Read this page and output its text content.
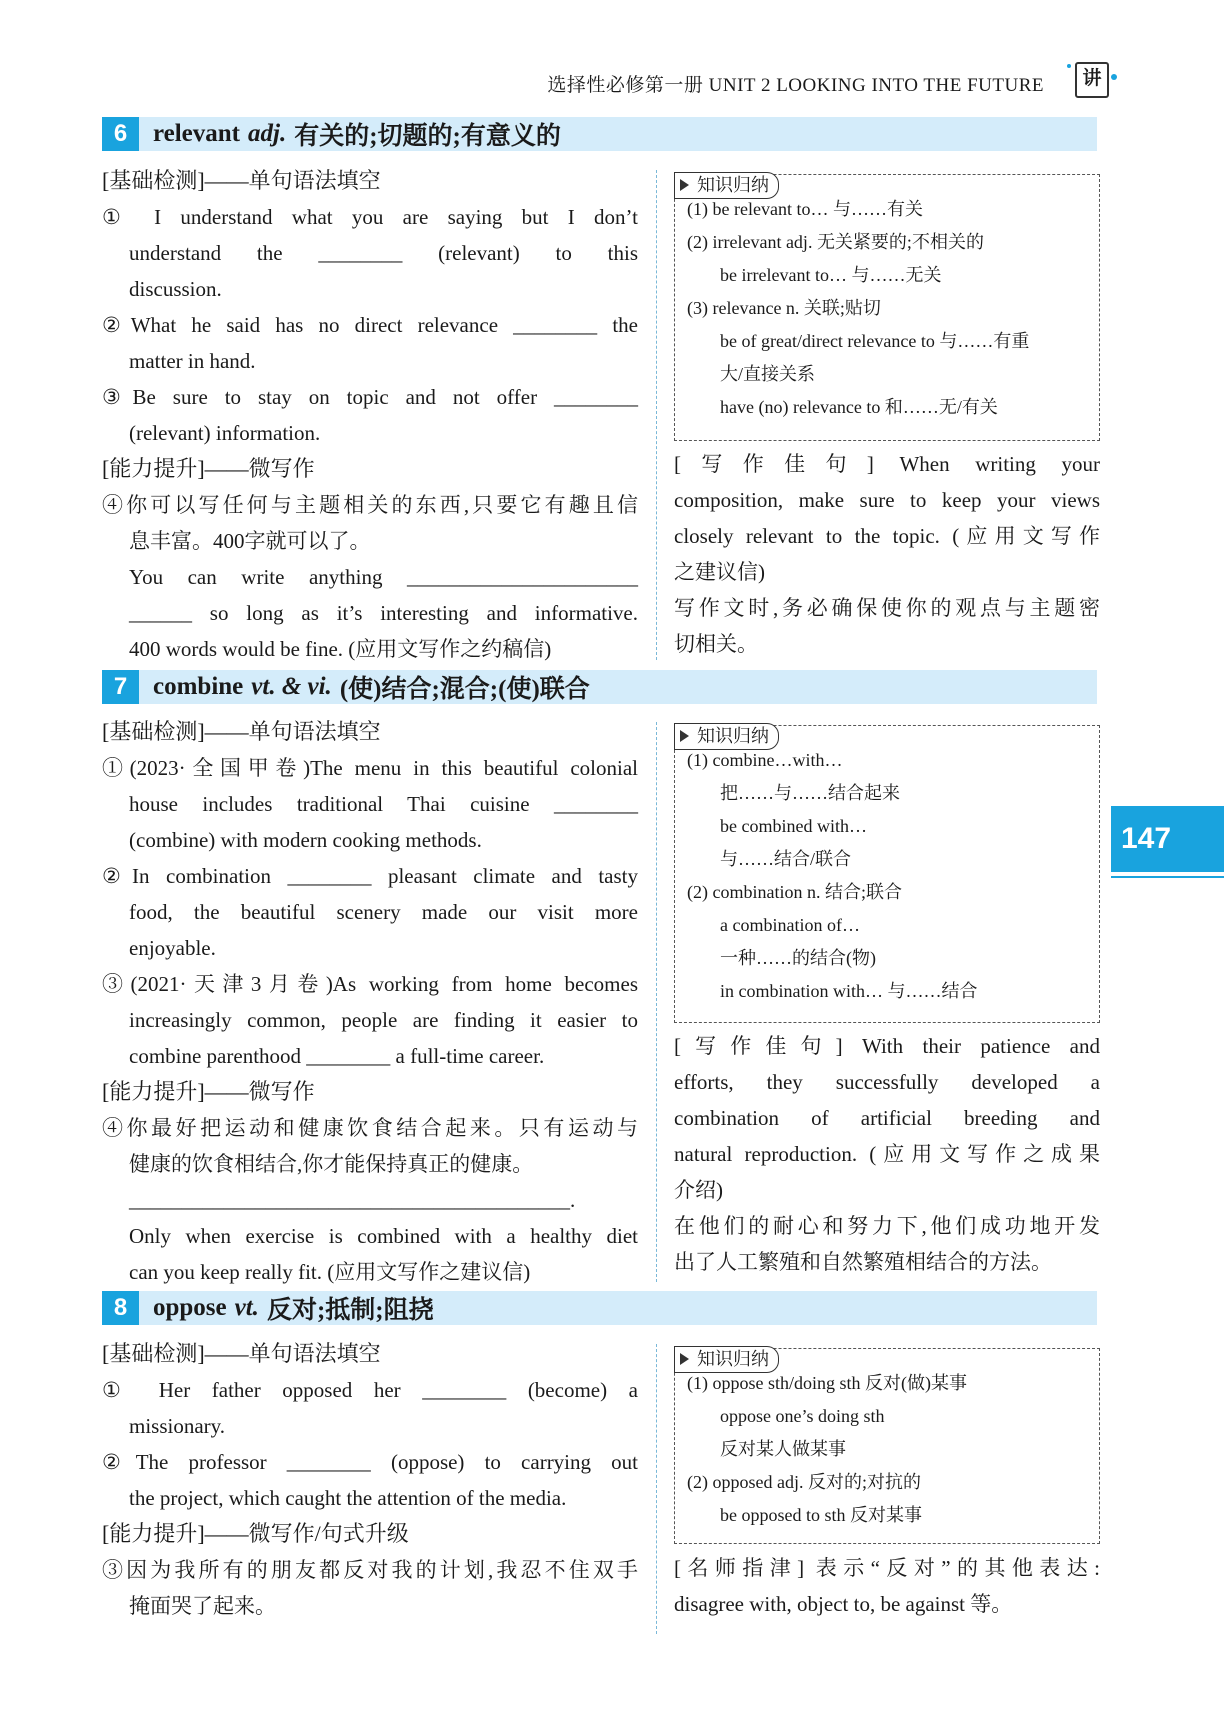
选择性必修第一册 UNIT 2 LOOKING INTO THE FUTURE	讲
147
6	relevant adj. 有关的;切题的;有意义的

[基础检测]——单句语法填空

① I understand what you are saying but I don’t

understand the ________ (relevant) to this

discussion.

②What he said has no direct relevance ________ the

matter in hand.

③Be sure to stay on topic and not offer ________

(relevant) information.

[能力提升]——微写作

④你可以写任何与主题相关的东西,只要它有趣且信

息丰富。400字就可以了。

You can write anything ______________________

______ so long as it’s interesting and informative.

400 words would be fine. (应用文写作之约稿信)

(1) be relevant to… 与……有关

(2) irrelevant adj. 无关紧要的;不相关的

be irrelevant to… 与……无关

(3) relevance n. 关联;贴切

be of great/direct relevance to 与……有重

大/直接关系

have (no) relevance to 和……无/有关

知识归纳

[写作佳句] When writing your

composition, make sure to keep your views

closely relevant to the topic. (应用文写作

之建议信)

写作文时,务必确保使你的观点与主题密

切相关。

7	combine vt. & vi. (使)结合;混合;(使)联合

[基础检测]——单句语法填空

①(2023·全国甲卷)The menu in this beautiful colonial

house includes traditional Thai cuisine ________

(combine) with modern cooking methods.

②In combination ________ pleasant climate and tasty

food, the beautiful scenery made our visit more

enjoyable.

③(2021·天津3月卷)As working from home becomes

increasingly common, people are finding it easier to

combine parenthood ________ a full-time career.

[能力提升]——微写作

④你最好把运动和健康饮食结合起来。只有运动与

健康的饮食相结合,你才能保持真正的健康。

__________________________________________.

Only when exercise is combined with a healthy diet

can you keep really fit. (应用文写作之建议信)

(1) combine…with…

把……与……结合起来

be combined with…

与……结合/联合

(2) combination n. 结合;联合

a combination of…

一种……的结合(物)

in combination with… 与……结合

知识归纳

[写作佳句] With their patience and

efforts, they successfully developed a

combination of artificial breeding and

natural reproduction. (应用文写作之成果

介绍)

在他们的耐心和努力下,他们成功地开发

出了人工繁殖和自然繁殖相结合的方法。

8	oppose vt. 反对;抵制;阻挠

[基础检测]——单句语法填空

① Her father opposed her ________ (become) a

missionary.

②The professor ________ (oppose) to carrying out

the project, which caught the attention of the media.

[能力提升]——微写作/句式升级

③因为我所有的朋友都反对我的计划,我忍不住双手

掩面哭了起来。

(1) oppose sth/doing sth 反对(做)某事

oppose one’s doing sth

反对某人做某事

(2) opposed adj. 反对的;对抗的

be opposed to sth 反对某事

知识归纳

[名师指津] 表示“反对”的其他表达:

disagree with, object to, be against 等。
